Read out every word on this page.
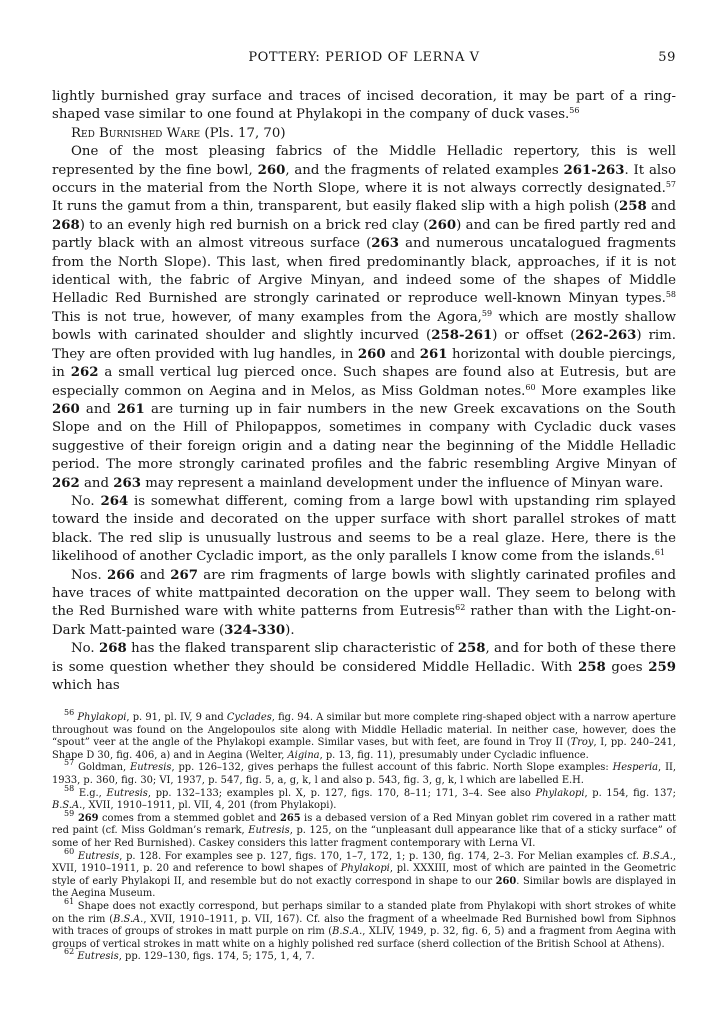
POTTERY: PERIOD OF LERNA V	59

lightly burnished gray surface and traces of incised decoration, it may be part of a ring-shaped vase similar to one found at Phylakopi in the company of duck vases.$^{56}$

Red Burnished Ware (Pls. 17, 70)

One of the most pleasing fabrics of the Middle Helladic repertory, this is well represented by the fine bowl, 260, and the fragments of related examples 261-263. It also occurs in the material from the North Slope, where it is not always correctly designated.$^{57}$ It runs the gamut from a thin, transparent, but easily flaked slip with a high polish (258 and 268) to an evenly high red burnish on a brick red clay (260) and can be fired partly red and partly black with an almost vitreous surface (263 and numerous uncatalogued fragments from the North Slope). This last, when fired predominantly black, approaches, if it is not identical with, the fabric of Argive Minyan, and indeed some of the shapes of Middle Helladic Red Burnished are strongly carinated or reproduce well-known Minyan types.$^{58}$ This is not true, however, of many examples from the Agora,$^{59}$ which are mostly shallow bowls with carinated shoulder and slightly incurved (258-261) or offset (262-263) rim. They are often provided with lug handles, in 260 and 261 horizontal with double piercings, in 262 a small vertical lug pierced once. Such shapes are found also at Eutresis, but are especially common on Aegina and in Melos, as Miss Goldman notes.$^{60}$ More examples like 260 and 261 are turning up in fair numbers in the new Greek excavations on the South Slope and on the Hill of Philopappos, sometimes in company with Cycladic duck vases suggestive of their foreign origin and a dating near the beginning of the Middle Helladic period. The more strongly carinated profiles and the fabric resembling Argive Minyan of 262 and 263 may represent a mainland development under the influence of Minyan ware.

No. 264 is somewhat different, coming from a large bowl with upstanding rim splayed toward the inside and decorated on the upper surface with short parallel strokes of matt black. The red slip is unusually lustrous and seems to be a real glaze. Here, there is the likelihood of another Cycladic import, as the only parallels I know come from the islands.$^{61}$

Nos. 266 and 267 are rim fragments of large bowls with slightly carinated profiles and have traces of white mattpainted decoration on the upper wall. They seem to belong with the Red Burnished ware with white patterns from Eutresis$^{62}$ rather than with the Light-on-Dark Matt-painted ware (324-330).

No. 268 has the flaked transparent slip characteristic of 258, and for both of these there is some question whether they should be considered Middle Helladic. With 258 goes 259 which has

$^{56}$ Phylakopi, p. 91, pl. IV, 9 and Cyclades, fig. 94. A similar but more complete ring-shaped object with a narrow aperture throughout was found on the Angelopoulos site along with Middle Helladic material. In neither case, however, does the “spout” veer at the angle of the Phylakopi example. Similar vases, but with feet, are found in Troy II (Troy, I, pp. 240–241, Shape D 30, fig. 406, a) and in Aegina (Welter, Aigina, p. 13, fig. 11), presumably under Cycladic influence.

$^{57}$ Goldman, Eutresis, pp. 126–132, gives perhaps the fullest account of this fabric. North Slope examples: Hesperia, II, 1933, p. 360, fig. 30; VI, 1937, p. 547, fig. 5, a, g, k, l and also p. 543, fig. 3, g, k, l which are labelled E.H.

$^{58}$ E.g., Eutresis, pp. 132–133; examples pl. X, p. 127, figs. 170, 8–11; 171, 3–4. See also Phylakopi, p. 154, fig. 137; B.S.A., XVII, 1910–1911, pl. VII, 4, 201 (from Phylakopi).

$^{59}$ 269 comes from a stemmed goblet and 265 is a debased version of a Red Minyan goblet rim covered in a rather matt red paint (cf. Miss Goldman’s remark, Eutresis, p. 125, on the “unpleasant dull appearance like that of a sticky surface” of some of her Red Burnished). Caskey considers this latter fragment contemporary with Lerna VI.

$^{60}$ Eutresis, p. 128. For examples see p. 127, figs. 170, 1–7, 172, 1; p. 130, fig. 174, 2–3. For Melian examples cf. B.S.A., XVII, 1910–1911, p. 20 and reference to bowl shapes of Phylakopi, pl. XXXIII, most of which are painted in the Geometric style of early Phylakopi II, and resemble but do not exactly correspond in shape to our 260. Similar bowls are displayed in the Aegina Museum.

$^{61}$ Shape does not exactly correspond, but perhaps similar to a standed plate from Phylakopi with short strokes of white on the rim (B.S.A., XVII, 1910–1911, p. VII, 167). Cf. also the fragment of a wheelmade Red Burnished bowl from Siphnos with traces of groups of strokes in matt purple on rim (B.S.A., XLIV, 1949, p. 32, fig. 6, 5) and a fragment from Aegina with groups of vertical strokes in matt white on a highly polished red surface (sherd collection of the British School at Athens).

$^{62}$ Eutresis, pp. 129–130, figs. 174, 5; 175, 1, 4, 7.
